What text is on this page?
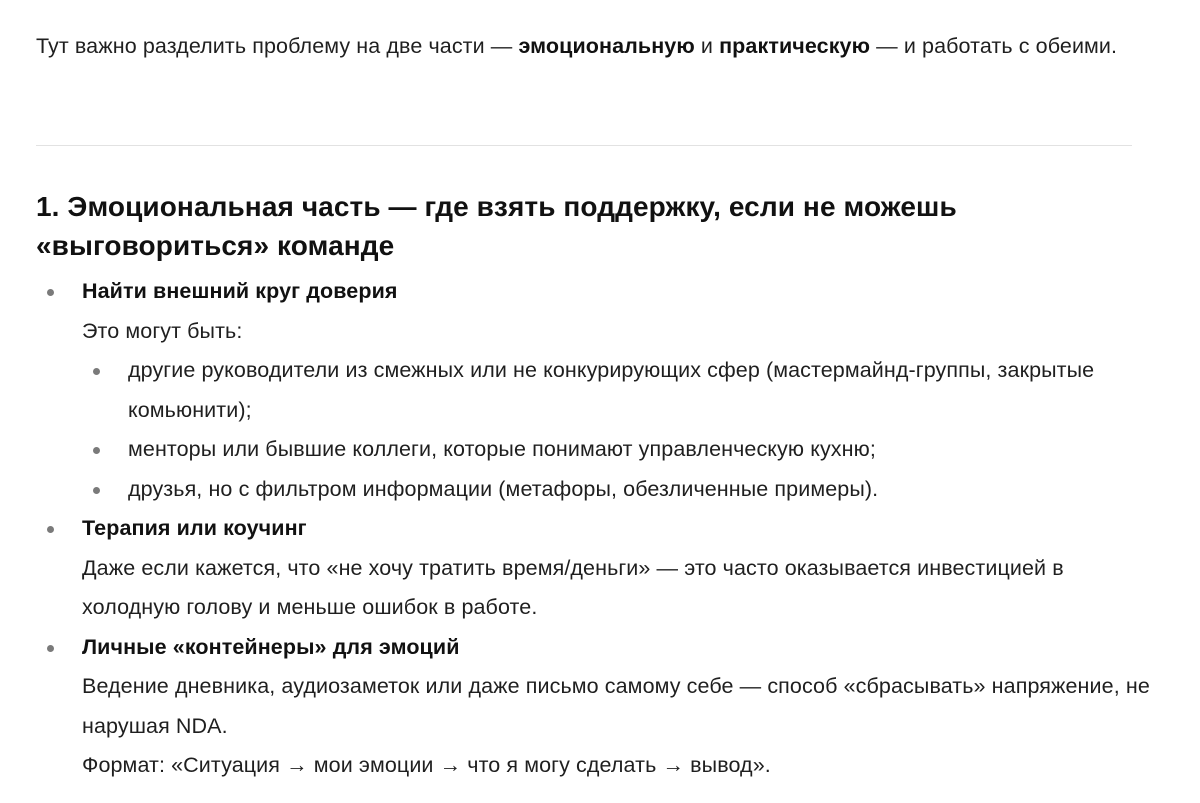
Тут важно разделить проблему на две части — эмоциональную и практическую — и работать с обеими.

1. Эмоциональная часть — где взять поддержку, если не можешь «выговориться» команде
Найти внешний круг доверия
Это могут быть:
другие руководители из смежных или не конкурирующих сфер (мастермайнд-группы, закрытые комьюнити);
менторы или бывшие коллеги, которые понимают управленческую кухню;
друзья, но с фильтром информации (метафоры, обезличенные примеры).
Терапия или коучинг
Даже если кажется, что «не хочу тратить время/деньги» — это часто оказывается инвестицией в холодную голову и меньше ошибок в работе.
Личные «контейнеры» для эмоций
Ведение дневника, аудиозаметок или даже письмо самому себе — способ «сбрасывать» напряжение, не нарушая NDA.
Формат: «Ситуация → мои эмоции → что я могу сделать → вывод».
